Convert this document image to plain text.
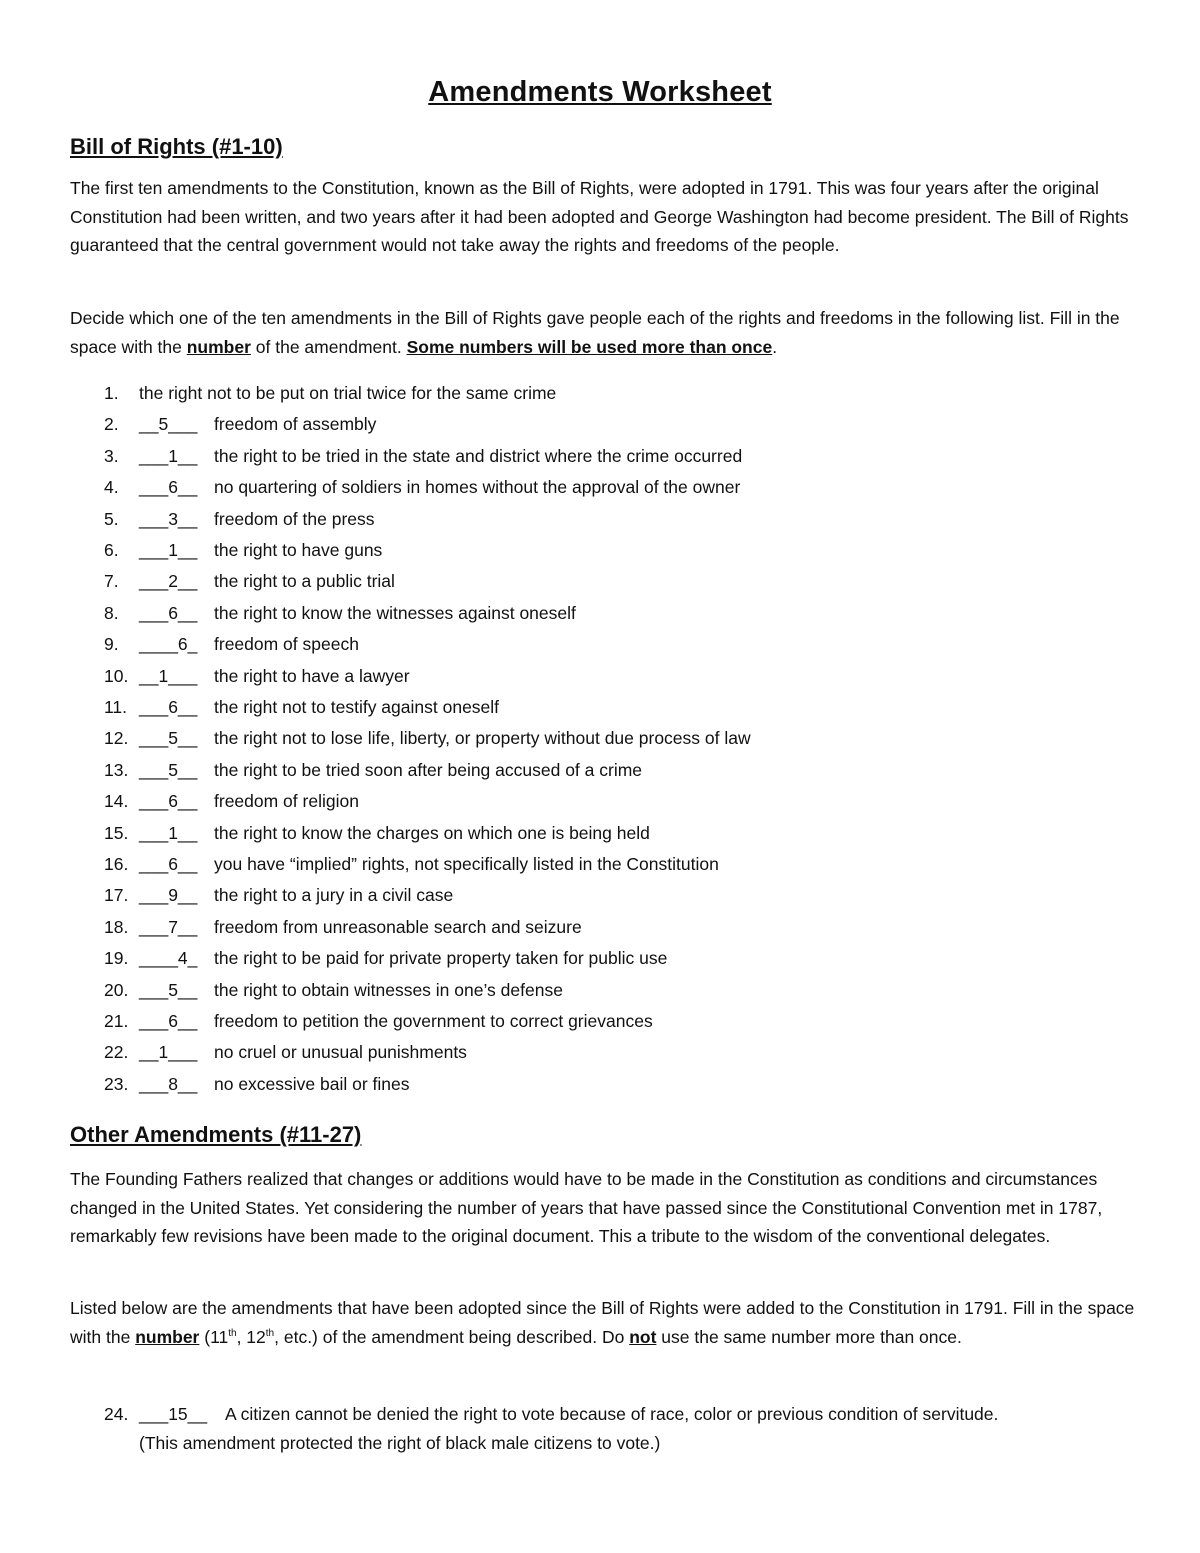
Amendments Worksheet
Bill of Rights (#1-10)

The first ten amendments to the Constitution, known as the Bill of Rights, were adopted in 1791. This was four years after the original Constitution had been written, and two years after it had been adopted and George Washington had become president. The Bill of Rights guaranteed that the central government would not take away the rights and freedoms of the people.

Decide which one of the ten amendments in the Bill of Rights gave people each of the rights and freedoms in the following list. Fill in the space with the number of the amendment. Some numbers will be used more than once.

1. the right not to be put on trial twice for the same crime
2. __5___ freedom of assembly
3. ___1__ the right to be tried in the state and district where the crime occurred
4. ___6__ no quartering of soldiers in homes without the approval of the owner
5. ___3__ freedom of the press
6. ___1__ the right to have guns
7. ___2__ the right to a public trial
8. ___6__ the right to know the witnesses against oneself
9. ____6_ freedom of speech
10. __1___ the right to have a lawyer
11. ___6__ the right not to testify against oneself
12. ___5__ the right not to lose life, liberty, or property without due process of law
13. ___5__ the right to be tried soon after being accused of a crime
14. ___6__ freedom of religion
15. ___1__ the right to know the charges on which one is being held
16. ___6__ you have “implied” rights, not specifically listed in the Constitution
17. ___9__ the right to a jury in a civil case
18. ___7__ freedom from unreasonable search and seizure
19. ____4_ the right to be paid for private property taken for public use
20. ___5__ the right to obtain witnesses in one’s defense
21. ___6__ freedom to petition the government to correct grievances
22. __1___ no cruel or unusual punishments
23. ___8__ no excessive bail or fines
Other Amendments (#11-27)

The Founding Fathers realized that changes or additions would have to be made in the Constitution as conditions and circumstances changed in the United States. Yet considering the number of years that have passed since the Constitutional Convention met in 1787, remarkably few revisions have been made to the original document. This a tribute to the wisdom of the conventional delegates.

Listed below are the amendments that have been adopted since the Bill of Rights were added to the Constitution in 1791. Fill in the space with the number (11th, 12th, etc.) of the amendment being described. Do not use the same number more than once.

24. ___15__ A citizen cannot be denied the right to vote because of race, color or previous condition of servitude.
(This amendment protected the right of black male citizens to vote.)
